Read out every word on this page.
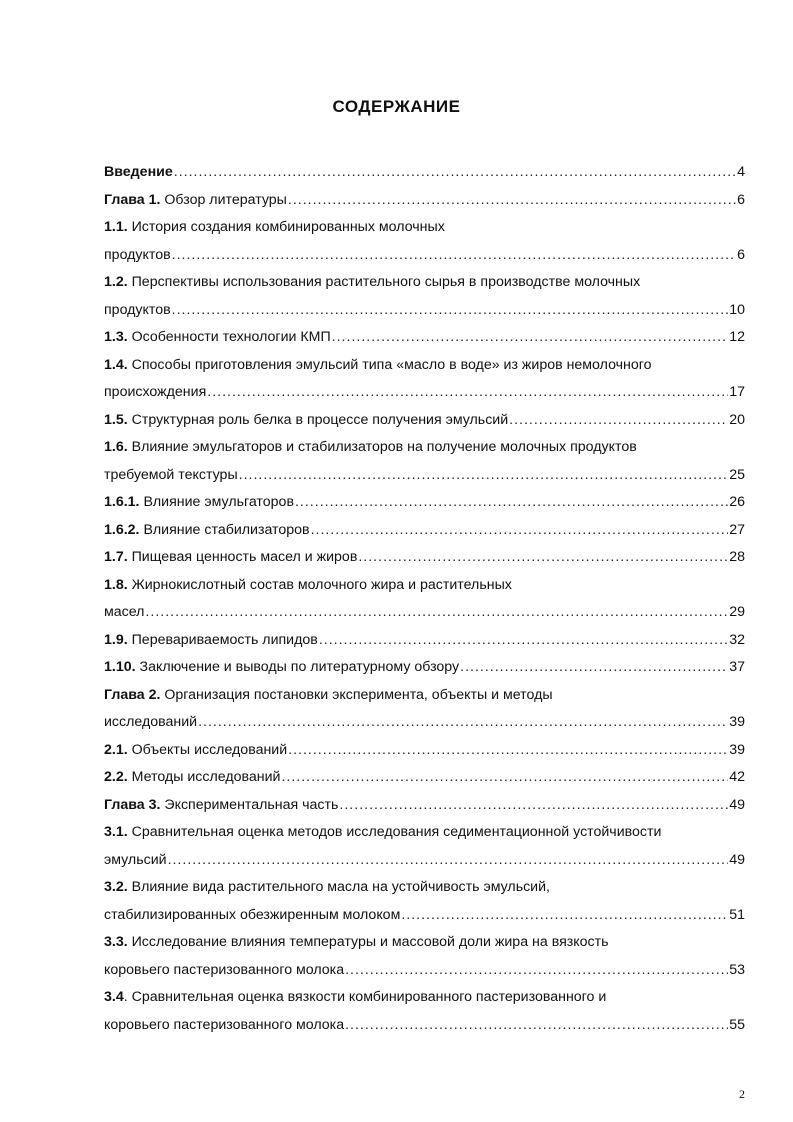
СОДЕРЖАНИЕ
Введение .....	4
Глава 1. Обзор литературы .....	6
1.1. История создания комбинированных молочных
продуктов .....	6
1.2. Перспективы использования растительного сырья в производстве молочных
продуктов .....	10
1.3. Особенности технологии КМП .....	12
1.4. Способы приготовления эмульсий типа «масло в воде» из жиров немолочного
происхождения .....	17
1.5. Структурная роль белка в процессе получения эмульсий .....	20
1.6. Влияние эмульгаторов и стабилизаторов на получение молочных продуктов
требуемой текстуры .....	25
1.6.1. Влияние эмульгаторов .....	26
1.6.2. Влияние стабилизаторов .....	27
1.7. Пищевая ценность масел и жиров .....	28
1.8. Жирнокислотный состав молочного жира и растительных
масел .....	29
1.9. Перевариваемость липидов .....	32
1.10. Заключение и выводы по литературному обзору .....	37
Глава 2. Организация постановки эксперимента, объекты и методы
исследований .....	39
2.1. Объекты исследований .....	39
2.2. Методы исследований .....	42
Глава 3. Экспериментальная часть .....	49
3.1. Сравнительная оценка методов исследования седиментационной устойчивости
эмульсий .....	49
3.2. Влияние вида растительного масла на устойчивость эмульсий,
стабилизированных обезжиренным молоком .....	51
3.3. Исследование влияния температуры и массовой доли жира на вязкость
коровьего пастеризованного молока .....	53
3.4. Сравнительная оценка вязкости комбинированного пастеризованного и
коровьего пастеризованного молока .....	55
2
